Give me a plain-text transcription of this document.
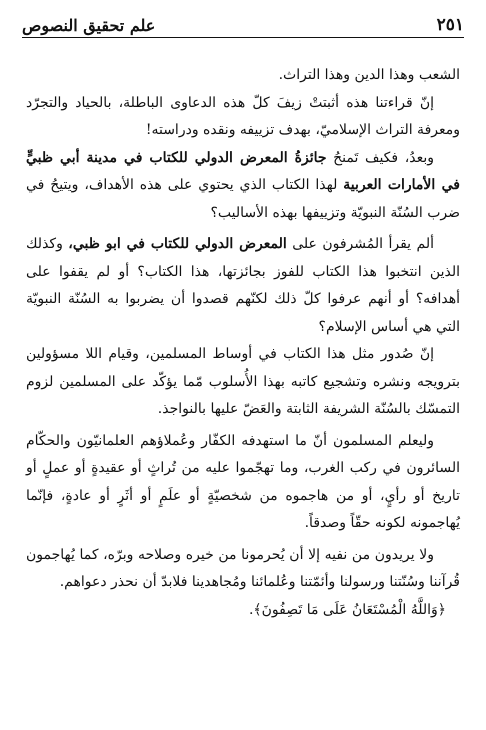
٢٥١
علم تحقيق النصوص

الشعب وهذا الدين وهذا التراث.

إنّ قراءتنا هذه أثبتتْ زيفَ كلّ هذه الدعاوى الباطلة، بالحياد والتجرّد ومعرفة التراث الإسلاميّ، بهدف تزييفه ونقده ودراسته!

وبعدُ، فكيف تَمنحُ جائزةُ المعرض الدولي للكتاب في مدينة أبي ظبيٍّ في الأمارات العربية لهذا الكتاب الذي يحتوي على هذه الأهداف، ويتيحُ في ضرب السُنّة النبويّة وتزييفها بهذه الأساليب؟

ألم يقرأ المُشرفون على المعرض الدولي للكتاب في ابو ظبي، وكذلك الذين انتخبوا هذا الكتاب للفوز بجائزتها، هذا الكتاب؟ أو لم يقفوا على أهدافه؟ أو أنهم عرفوا كلّ ذلك لكنّهم قصدوا أن يضربوا به السُنّة النبويّة التي هي أساس الإسلام؟

إنّ صُدور مثل هذا الكتاب في أوساط المسلمين، وقيام اللا مسؤولين بترويجه ونشره وتشجيع كاتبه بهذا الأُسلوب مّما يؤكّد على المسلمين لزوم التمسّك بالسُنّة الشريفة الثابتة والعَضّ عليها بالنواجذ.

وليعلم المسلمون أنّ ما استهدفه الكفّار وعُملاؤهم العلمانيّون والحكّام السائرون في ركب الغرب، وما تهجّموا عليه من تُراثٍ أو عقيدةٍ أو عملٍ أو تاريخ أو رأيٍ، أو من هاجموه من شخصيّةٍ أو علَمٍ أو أثَرٍ أو عادةٍ، فإنّما يُهاجمونه لكونه حقّاً وصدقاً.

ولا يريدون من نفيه إلا أن يُحرمونا من خيره وصلاحه وبرّه، كما يُهاجمون قُرآننا وسُنّتنا ورسولنا وأئمّتنا وعُلمائنا ومُجاهدينا فلابدّ أن نحذر دعواهم.

﴿وَاللَّهُ الْمُسْتَعَانُ عَلَى مَا تَصِفُونَ﴾.
